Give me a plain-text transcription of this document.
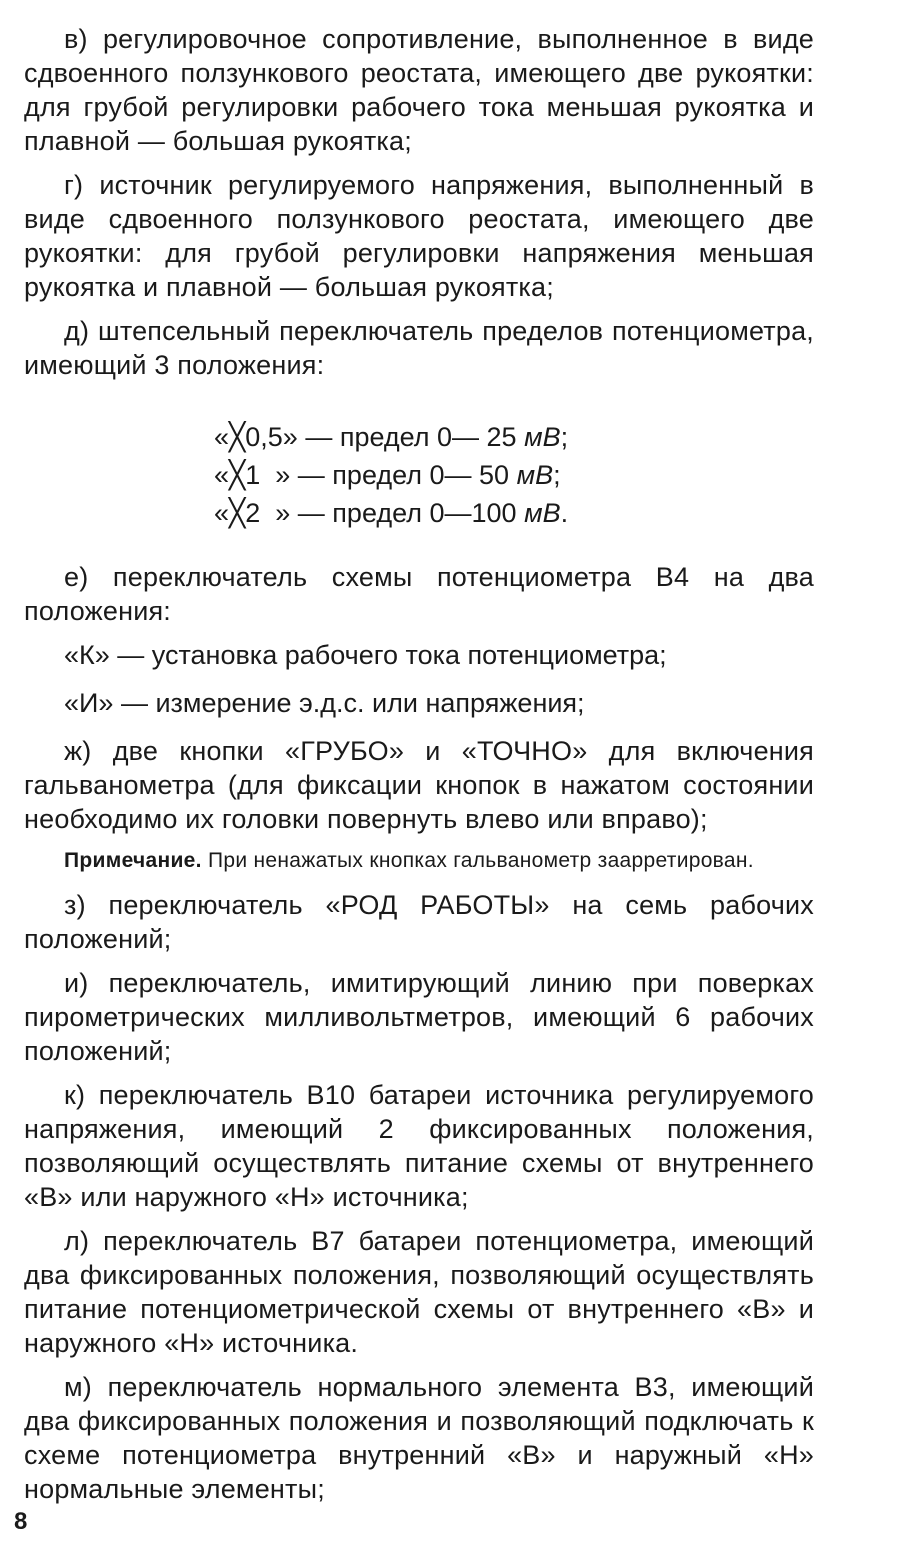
в) регулировочное сопротивление, выполненное в виде сдвоенного ползункового реостата, имеющего две рукоятки: для грубой регулировки рабочего тока меньшая рукоятка и плавной — большая рукоятка;

г) источник регулируемого напряжения, выполненный в виде сдвоенного ползункового реостата, имеющего две рукоятки: для грубой регулировки напряжения меньшая рукоятка и плавной — большая рукоятка;

д) штепсельный переключатель пределов потенциометра, имеющий 3 положения:

«╳0,5» — предел 0— 25 мВ;
«╳1  » — предел 0— 50 мВ;
«╳2  » — предел 0—100 мВ.

е) переключатель схемы потенциометра В4 на два положения:

«К» — установка рабочего тока потенциометра;

«И» — измерение э.д.с. или напряжения;

ж) две кнопки «ГРУБО» и «ТОЧНО» для включения гальванометра (для фиксации кнопок в нажатом состоянии необходимо их головки повернуть влево или вправо);

Примечание. При ненажатых кнопках гальванометр заарретирован.

з) переключатель «РОД РАБОТЫ» на семь рабочих положений;

и) переключатель, имитирующий линию при поверках пирометрических милливольтметров, имеющий 6 рабочих положений;

к) переключатель В10 батареи источника регулируемого напряжения, имеющий 2 фиксированных положения, позволяющий осуществлять питание схемы от внутреннего «В» или наружного «Н» источника;

л) переключатель В7 батареи потенциометра, имеющий два фиксированных положения, позволяющий осуществлять питание потенциометрической схемы от внутреннего «В» и наружного «Н» источника.

м) переключатель нормального элемента В3, имеющий два фиксированных положения и позволяющий подключать к схеме потенциометра внутренний «В» и наружный «Н» нормальные элементы;

8
